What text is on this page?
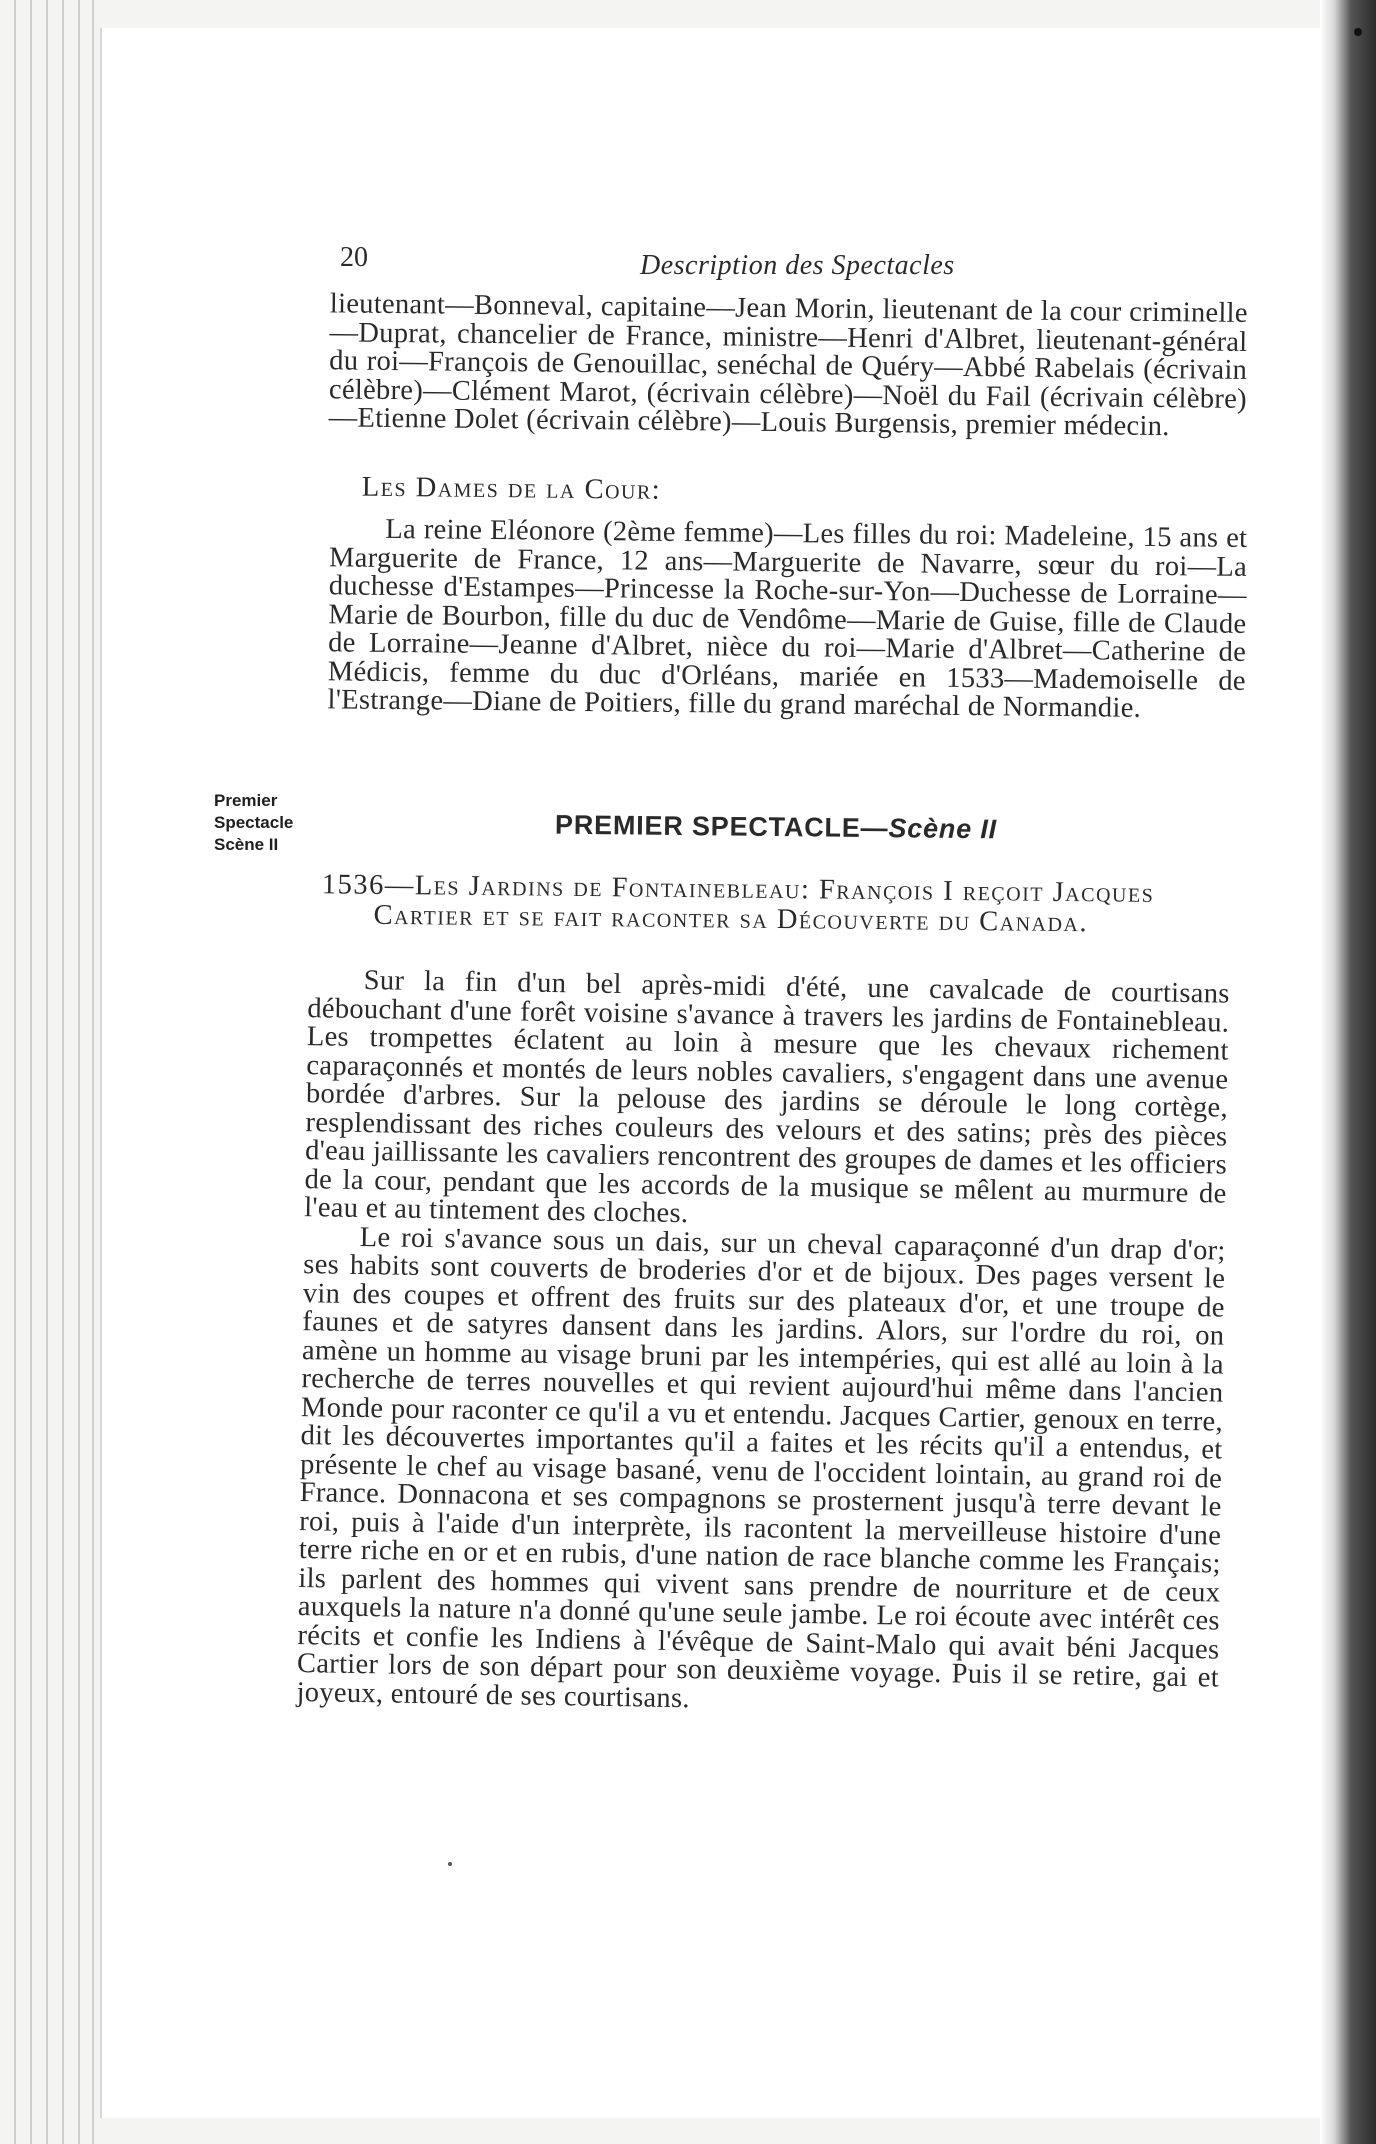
20	Description des Spectacles

lieutenant—Bonneval, capitaine—Jean Morin, lieutenant de la cour criminelle—Duprat, chancelier de France, ministre—Henri d'Albret, lieutenant-général du roi—François de Genouillac, senéchal de Quéry—Abbé Rabelais (écrivain célèbre)—Clément Marot, (écrivain célèbre)—Noël du Fail (écrivain célèbre)—Etienne Dolet (écrivain célèbre)—Louis Burgensis, premier médecin.

Les Dames de la Cour:

La reine Eléonore (2ème femme)—Les filles du roi: Madeleine, 15 ans et Marguerite de France, 12 ans—Marguerite de Navarre, sœur du roi—La duchesse d'Estampes—Princesse la Roche-sur-Yon—Duchesse de Lorraine—Marie de Bourbon, fille du duc de Vendôme—Marie de Guise, fille de Claude de Lorraine—Jeanne d'Albret, nièce du roi—Marie d'Albret—Catherine de Médicis, femme du duc d'Orléans, mariée en 1533—Mademoiselle de l'Estrange—Diane de Poitiers, fille du grand maréchal de Normandie.

Premier
Spectacle
Scène II
PREMIER SPECTACLE—Scène II
1536—Les Jardins de Fontainebleau: François I reçoit Jacques
Cartier et se fait raconter sa Découverte du Canada.

Sur la fin d'un bel après-midi d'été, une cavalcade de courtisans débouchant d'une forêt voisine s'avance à travers les jardins de Fontainebleau. Les trompettes éclatent au loin à mesure que les chevaux richement caparaçonnés et montés de leurs nobles cavaliers, s'engagent dans une avenue bordée d'arbres. Sur la pelouse des jardins se déroule le long cortège, resplendissant des riches couleurs des velours et des satins; près des pièces d'eau jaillissante les cavaliers rencontrent des groupes de dames et les officiers de la cour, pendant que les accords de la musique se mêlent au murmure de l'eau et au tintement des cloches.

Le roi s'avance sous un dais, sur un cheval caparaçonné d'un drap d'or; ses habits sont couverts de broderies d'or et de bijoux. Des pages versent le vin des coupes et offrent des fruits sur des plateaux d'or, et une troupe de faunes et de satyres dansent dans les jardins. Alors, sur l'ordre du roi, on amène un homme au visage bruni par les intempéries, qui est allé au loin à la recherche de terres nouvelles et qui revient aujourd'hui même dans l'ancien Monde pour raconter ce qu'il a vu et entendu. Jacques Cartier, genoux en terre, dit les découvertes importantes qu'il a faites et les récits qu'il a entendus, et présente le chef au visage basané, venu de l'occident lointain, au grand roi de France. Donnacona et ses compagnons se prosternent jusqu'à terre devant le roi, puis à l'aide d'un interprète, ils racontent la merveilleuse histoire d'une terre riche en or et en rubis, d'une nation de race blanche comme les Français; ils parlent des hommes qui vivent sans prendre de nourriture et de ceux auxquels la nature n'a donné qu'une seule jambe. Le roi écoute avec intérêt ces récits et confie les Indiens à l'évêque de Saint-Malo qui avait béni Jacques Cartier lors de son départ pour son deuxième voyage. Puis il se retire, gai et joyeux, entouré de ses courtisans.
